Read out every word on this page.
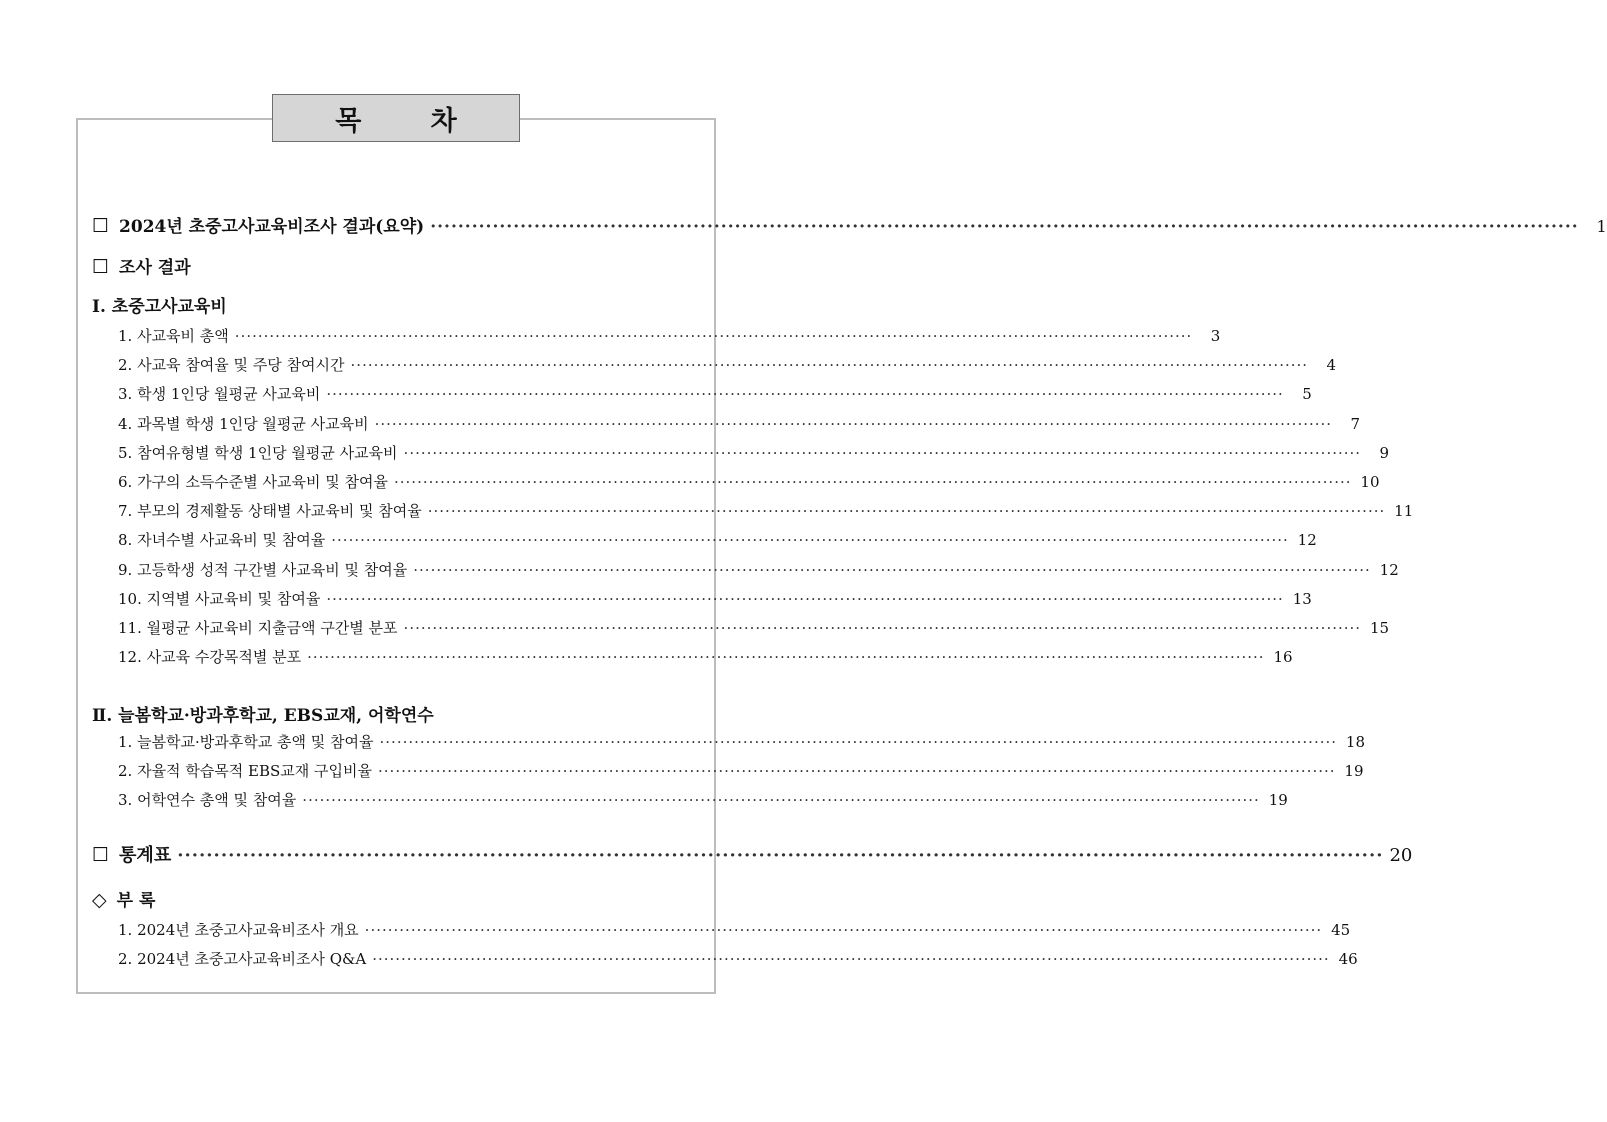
목 차
☐ 2024년 초중고사교육비조사 결과(요약) ······································································································································································	1
☐ 조사 결과
Ⅰ. 초중고사교육비
1. 사교육비 총액 ······································································································································································	3
2. 사교육 참여율 및 주당 참여시간 ······································································································································································	4
3. 학생 1인당 월평균 사교육비 ······································································································································································	5
4. 과목별 학생 1인당 월평균 사교육비 ······································································································································································	7
5. 참여유형별 학생 1인당 월평균 사교육비 ······································································································································································	9
6. 가구의 소득수준별 사교육비 및 참여율 ······································································································································································ 10
7. 부모의 경제활동 상태별 사교육비 및 참여율 ······································································································································································ 11
8. 자녀수별 사교육비 및 참여율 ······································································································································································ 12
9. 고등학생 성적 구간별 사교육비 및 참여율 ······································································································································································ 12
10. 지역별 사교육비 및 참여율 ······································································································································································ 13
11. 월평균 사교육비 지출금액 구간별 분포 ······································································································································································ 15
12. 사교육 수강목적별 분포 ······································································································································································ 16
Ⅱ. 늘봄학교·방과후학교, EBS교재, 어학연수
1. 늘봄학교·방과후학교 총액 및 참여율 ······································································································································································ 18
2. 자율적 학습목적 EBS교재 구입비율 ······································································································································································ 19
3. 어학연수 총액 및 참여율 ······································································································································································ 19
☐ 통계표 ······································································································································································ 20
◇ 부 록
1. 2024년 초중고사교육비조사 개요 ······································································································································································ 45
2. 2024년 초중고사교육비조사 Q&A ······································································································································································ 46
